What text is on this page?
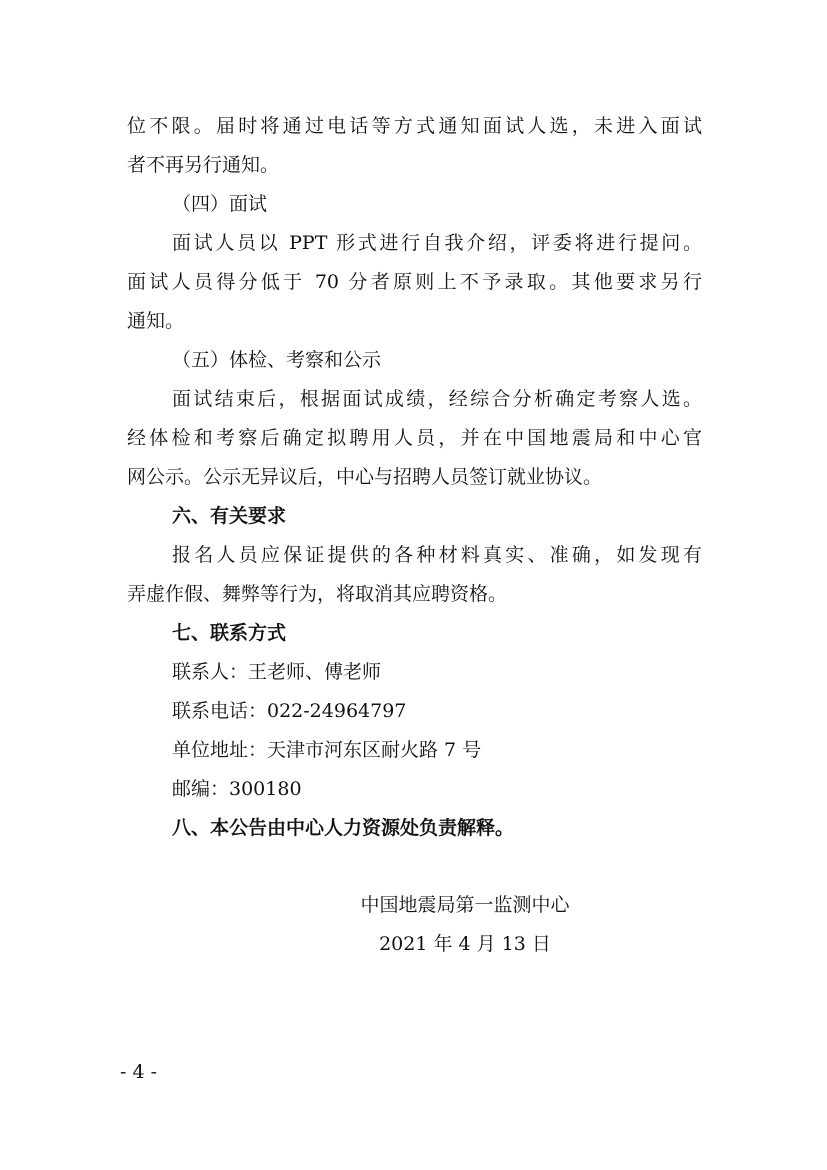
位不限。届时将通过电话等方式通知面试人选，未进入面试
者不再另行通知。
（四）面试
面试人员以 PPT 形式进行自我介绍，评委将进行提问。
面试人员得分低于 70 分者原则上不予录取。其他要求另行
通知。
（五）体检、考察和公示
面试结束后，根据面试成绩，经综合分析确定考察人选。
经体检和考察后确定拟聘用人员，并在中国地震局和中心官
网公示。公示无异议后，中心与招聘人员签订就业协议。
六、有关要求
报名人员应保证提供的各种材料真实、准确，如发现有
弄虚作假、舞弊等行为，将取消其应聘资格。
七、联系方式
联系人：王老师、傅老师
联系电话：022-24964797
单位地址：天津市河东区耐火路 7 号
邮编：300180
八、本公告由中心人力资源处负责解释。
中国地震局第一监测中心
2021 年 4 月 13 日
- 4 -
